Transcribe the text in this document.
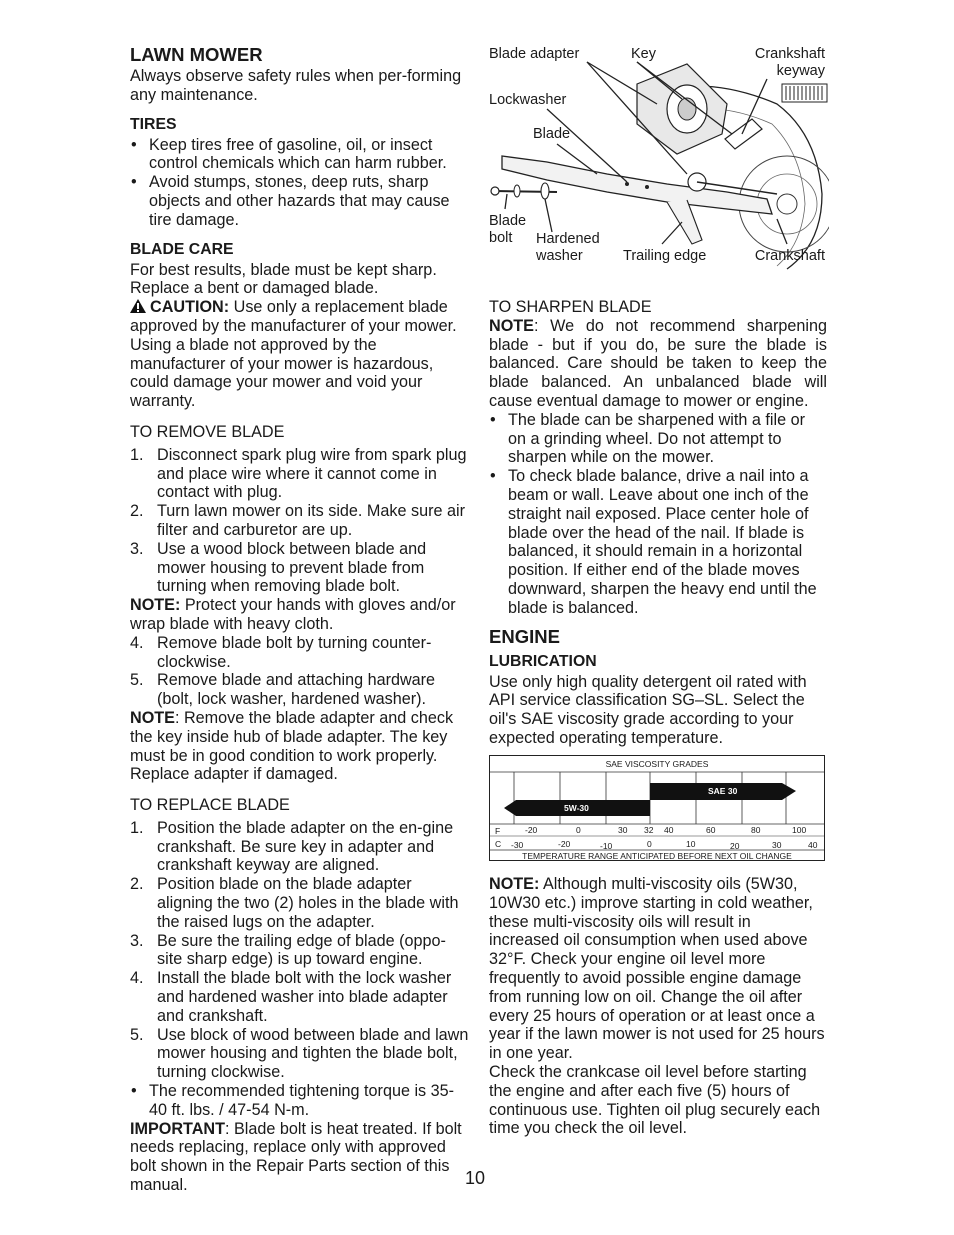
LAWN MOWER

Always observe safety rules when per-forming any maintenance.

TIRES
• Keep tires free of gasoline, oil, or insect control chemicals which can harm rubber.
• Avoid stumps, stones, deep ruts, sharp objects and other hazards that may cause tire damage.
BLADE CARE

For best results, blade must be kept sharp. Replace a bent or damaged blade.

CAUTION: Use only a replacement blade approved by the manufacturer of your mower. Using a blade not approved by the manufacturer of your mower is hazardous, could damage your mower and void your warranty.

TO REMOVE BLADE

1. Disconnect spark plug wire from spark plug and place wire where it cannot come in contact with plug.
2. Turn lawn mower on its side. Make sure air filter and carburetor are up.
3. Use a wood block between blade and mower housing to prevent blade from turning when removing blade bolt.

NOTE: Protect your hands with gloves and/or wrap blade with heavy cloth.

4. Remove blade bolt by turning counter-clockwise.
5. Remove blade and attaching hardware (bolt, lock washer, hardened washer).

NOTE: Remove the blade adapter and check the key inside hub of blade adapter. The key must be in good condition to work properly. Replace adapter if damaged.

TO REPLACE BLADE

1. Position the blade adapter on the en-gine crankshaft. Be sure key in adapter and crankshaft keyway are aligned.
2. Position blade on the blade adapter aligning the two (2) holes in the blade with the raised lugs on the adapter.
3. Be sure the trailing edge of blade (oppo-site sharp edge) is up toward engine.
4. Install the blade bolt with the lock washer and hardened washer into blade adapter and crankshaft.
5. Use block of wood between blade and lawn mower housing and tighten the blade bolt, turning clockwise.
• The recommended tightening torque is 35-40 ft. lbs. / 47-54 N-m.

IMPORTANT: Blade bolt is heat treated. If bolt needs replacing, replace only with approved bolt shown in the Repair Parts section of this manual.

Blade adapter	Key	Crankshaft
keyway
Lockwasher
Blade
Blade
bolt Hardened
washer	Trailing edge	Crankshaft

TO SHARPEN BLADE

NOTE: We do not recommend sharpening blade - but if you do, be sure the blade is balanced. Care should be taken to keep the blade balanced. An unbalanced blade will cause eventual damage to mower or engine.

• The blade can be sharpened with a file or on a grinding wheel. Do not attempt to sharpen while on the mower.
• To check blade balance, drive a nail into a beam or wall. Leave about one inch of the straight nail exposed. Place center hole of blade over the head of the nail. If blade is balanced, it should remain in a horizontal position. If either end of the blade moves downward, sharpen the heavy end until the blade is balanced.
ENGINE
LUBRICATION

Use only high quality detergent oil rated with API service classification SG–SL. Select the oil's SAE viscosity grade according to your expected operating temperature.

SAE VISCOSITY GRADES
5W-30
SAE 30
F
C
-20	0	30 32 40	60	80	100
-30	-20	-10	0	10	20	30	40
TEMPERATURE RANGE ANTICIPATED BEFORE NEXT OIL CHANGE

NOTE: Although multi-viscosity oils (5W30, 10W30 etc.) improve starting in cold weather, these multi-viscosity oils will result in increased oil consumption when used above 32°F. Check your engine oil level more frequently to avoid possible engine damage from running low on oil. Change the oil after every 25 hours of operation or at least once a year if the lawn mower is not used for 25 hours in one year.

Check the crankcase oil level before starting the engine and after each five (5) hours of continuous use. Tighten oil plug securely each time you check the oil level.

10
